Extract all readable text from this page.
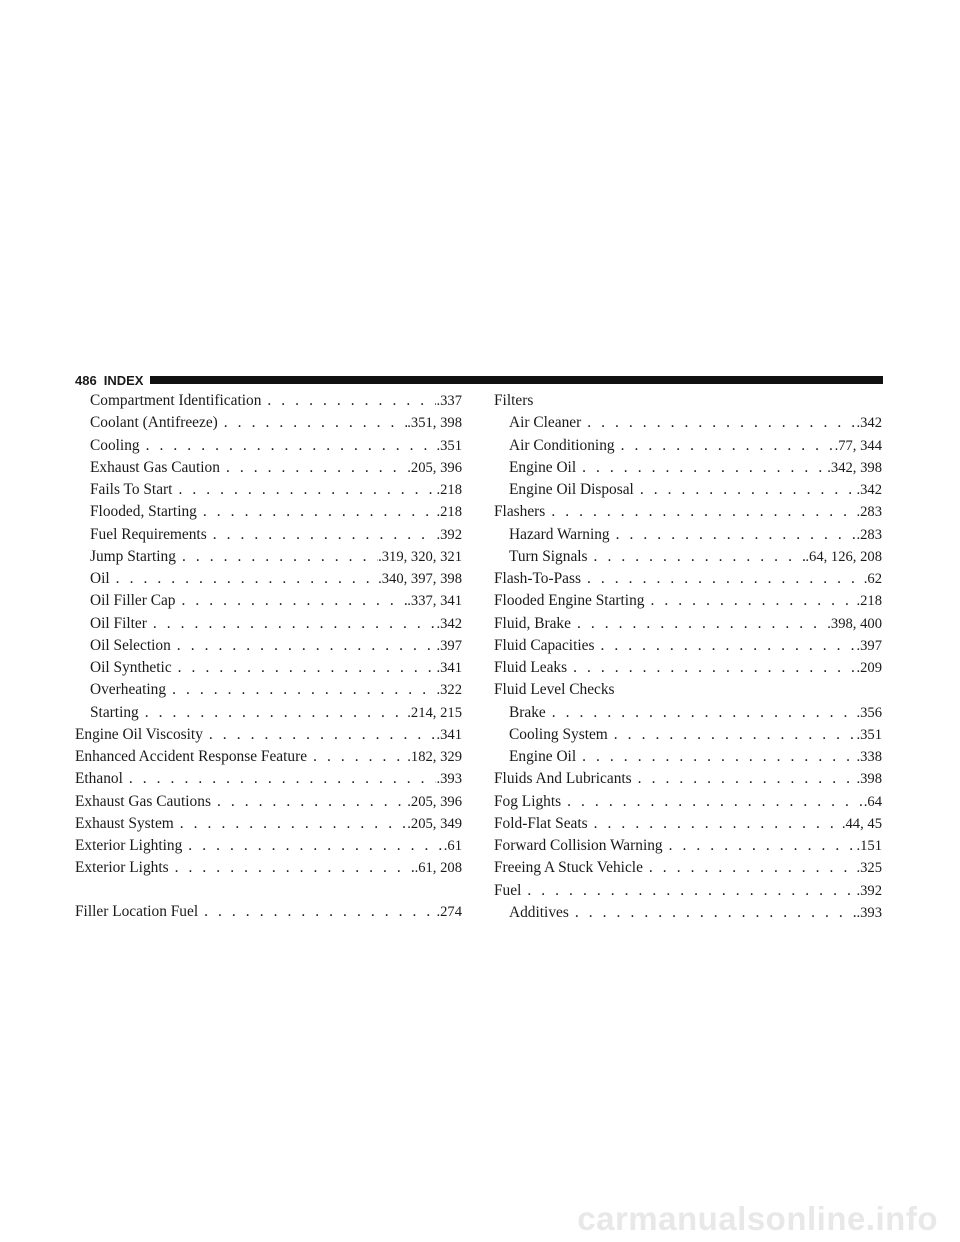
486 INDEX
Compartment Identification . . .	.337
Coolant (Antifreeze) . . .	.351, 398
Cooling . . .	.351
Exhaust Gas Caution . . .	.205, 396
Fails To Start . . .	.218
Flooded, Starting . . .	.218
Fuel Requirements . . .	.392
Jump Starting . . .	.319, 320, 321
Oil . . .	.340, 397, 398
Oil Filler Cap . . .	.337, 341
Oil Filter . . .	.342
Oil Selection . . .	.397
Oil Synthetic . . .	.341
Overheating . . .	.322
Starting . . .	.214, 215
Engine Oil Viscosity . . .	.341
Enhanced Accident Response Feature . . .	.182, 329
Ethanol . . .	.393
Exhaust Gas Cautions . . .	.205, 396
Exhaust System . . .	.205, 349
Exterior Lighting . . .	.61
Exterior Lights . . .	.61, 208
Filler Location Fuel . . .	.274
Filters
Air Cleaner . . .	.342
Air Conditioning . . .	.77, 344
Engine Oil . . .	.342, 398
Engine Oil Disposal . . .	.342
Flashers . . .	.283
Hazard Warning . . .	.283
Turn Signals . . .	.64, 126, 208
Flash-To-Pass . . .	.62
Flooded Engine Starting . . .	.218
Fluid, Brake . . .	.398, 400
Fluid Capacities . . .	.397
Fluid Leaks . . .	.209
Fluid Level Checks
Brake . . .	.356
Cooling System . . .	.351
Engine Oil . . .	.338
Fluids And Lubricants . . .	.398
Fog Lights . . .	.64
Fold-Flat Seats . . .	.44, 45
Forward Collision Warning . . .	.151
Freeing A Stuck Vehicle . . .	.325
Fuel . . .	.392
Additives . . .	.393
carmanualsonline.info
